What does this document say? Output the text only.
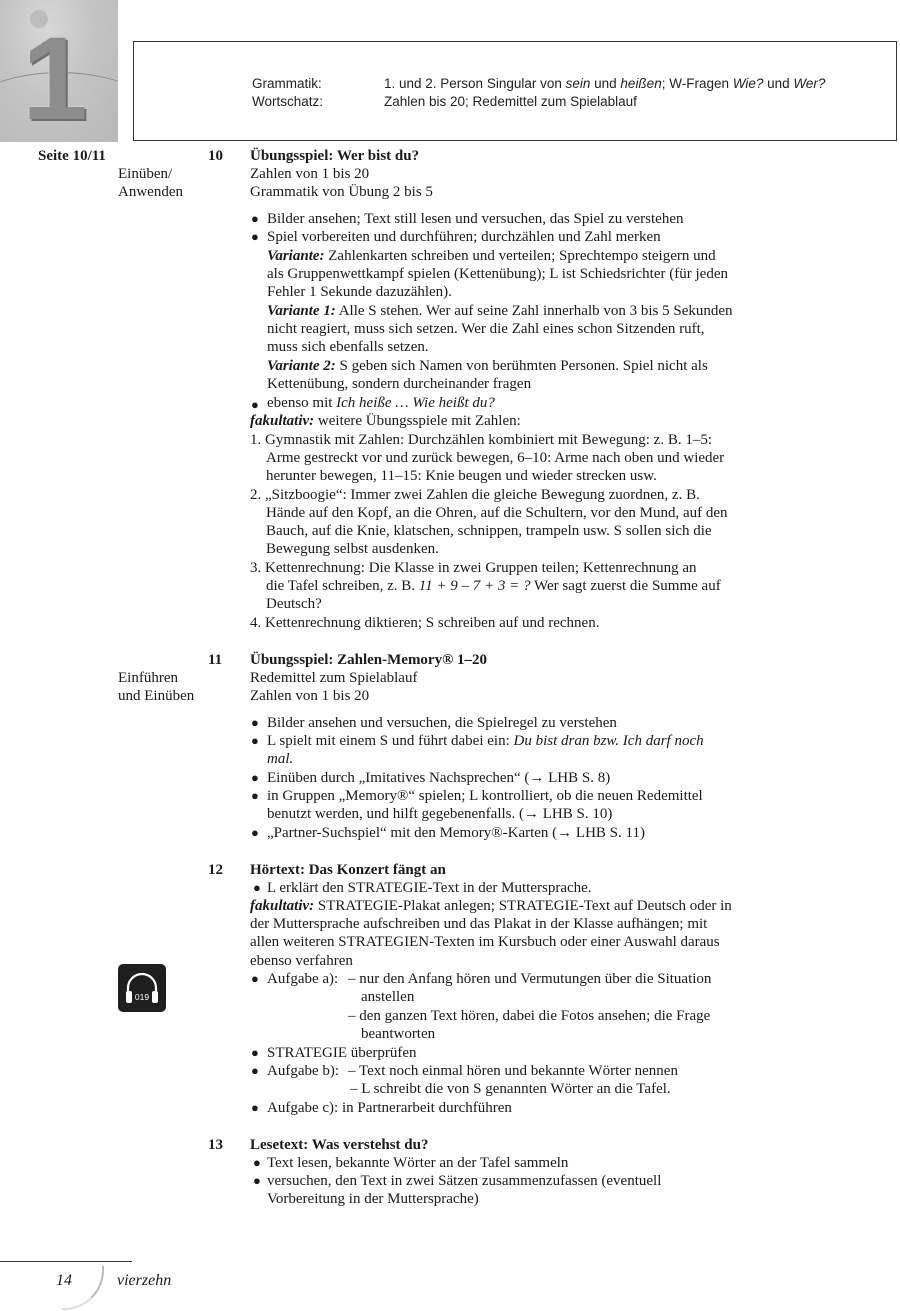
1	Grammatik:	1. und 2. Person Singular von sein und heißen; W-Fragen Wie? und Wer?
Wortschatz:	Zahlen bis 20; Redemittel zum Spielablauf
Seite 10/11	10
Einüben/
Anwenden
Übungsspiel: Wer bist du?
Zahlen von 1 bis 20
Grammatik von Übung 2 bis 5
● Bilder ansehen; Text still lesen und versuchen, das Spiel zu verstehen
● Spiel vorbereiten und durchführen; durchzählen und Zahl merken
Variante: Zahlenkarten schreiben und verteilen; Sprechtempo steigern und
als Gruppenwettkampf spielen (Kettenübung); L ist Schiedsrichter (für jeden
Fehler 1 Sekunde dazuzählen).
Variante 1: Alle S stehen. Wer auf seine Zahl innerhalb von 3 bis 5 Sekunden
nicht reagiert, muss sich setzen. Wer die Zahl eines schon Sitzenden ruft,
muss sich ebenfalls setzen.
Variante 2: S geben sich Namen von berühmten Personen. Spiel nicht als
Kettenübung, sondern durcheinander fragen
● ebenso mit Ich heiße … Wie heißt du?
fakultativ: weitere Übungsspiele mit Zahlen:
1. Gymnastik mit Zahlen: Durchzählen kombiniert mit Bewegung: z. B. 1–5:
Arme gestreckt vor und zurück bewegen, 6–10: Arme nach oben und wieder
herunter bewegen, 11–15: Knie beugen und wieder strecken usw.
2. „Sitzboogie“: Immer zwei Zahlen die gleiche Bewegung zuordnen, z. B.
Hände auf den Kopf, an die Ohren, auf die Schultern, vor den Mund, auf den
Bauch, auf die Knie, klatschen, schnippen, trampeln usw. S sollen sich die
Bewegung selbst ausdenken.
3. Kettenrechnung: Die Klasse in zwei Gruppen teilen; Kettenrechnung an
die Tafel schreiben, z. B. 11 + 9 – 7 + 3 = ? Wer sagt zuerst die Summe auf
Deutsch?
4. Kettenrechnung diktieren; S schreiben auf und rechnen.
11
Einführen
und Einüben
Übungsspiel: Zahlen-Memory® 1–20
Redemittel zum Spielablauf
Zahlen von 1 bis 20
● Bilder ansehen und versuchen, die Spielregel zu verstehen
● L spielt mit einem S und führt dabei ein: Du bist dran bzw. Ich darf noch
mal.
● Einüben durch „Imitatives Nachsprechen“ (→ LHB S. 8)
● in Gruppen „Memory®“ spielen; L kontrolliert, ob die neuen Redemittel
benutzt werden, und hilft gegebenenfalls. (→ LHB S. 10)
● „Partner-Suchspiel“ mit den Memory®-Karten (→ LHB S. 11)
12 Hörtext: Das Konzert fängt an
● L erklärt den STRATEGIE-Text in der Muttersprache.
fakultativ: STRATEGIE-Plakat anlegen; STRATEGIE-Text auf Deutsch oder in
der Muttersprache aufschreiben und das Plakat in der Klasse aufhängen; mit
allen weiteren STRATEGIEN-Texten im Kursbuch oder einer Auswahl daraus
ebenso verfahren
019
● Aufgabe a): – nur den Anfang hören und Vermutungen über die Situation
anstellen
– den ganzen Text hören, dabei die Fotos ansehen; die Frage
beantworten
● STRATEGIE überprüfen
● Aufgabe b): – Text noch einmal hören und bekannte Wörter nennen
– L schreibt die von S genannten Wörter an die Tafel.
● Aufgabe c): in Partnerarbeit durchführen
13 Lesetext: Was verstehst du?
● Text lesen, bekannte Wörter an der Tafel sammeln
● versuchen, den Text in zwei Sätzen zusammenzufassen (eventuell
Vorbereitung in der Muttersprache)
14	vierzehn
